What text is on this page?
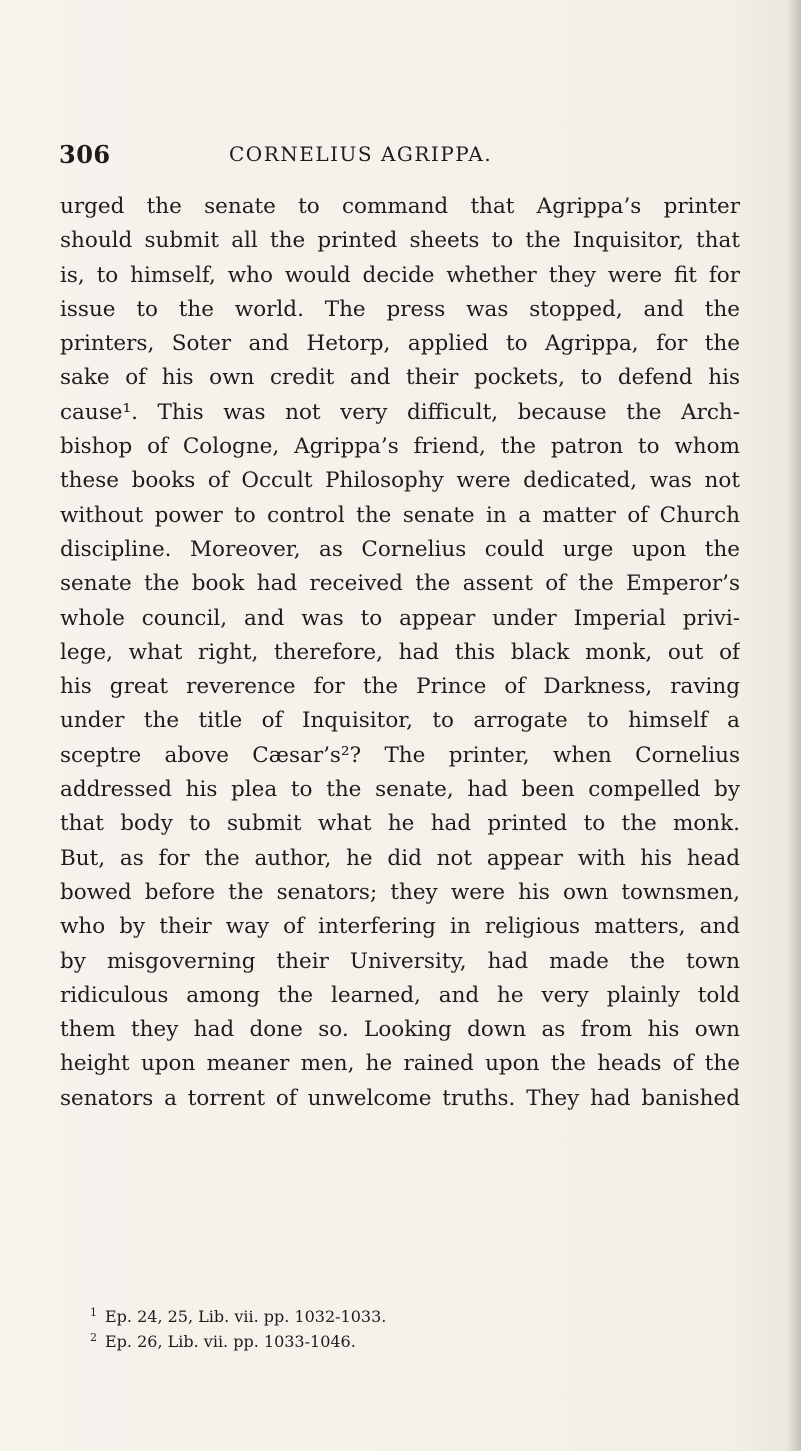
306	CORNELIUS AGRIPPA.
urged the senate to command that Agrippa’s printer
should submit all the printed sheets to the Inquisitor, that
is, to himself, who would decide whether they were fit for
issue to the world. The press was stopped, and the
printers, Soter and Hetorp, applied to Agrippa, for the
sake of his own credit and their pockets, to defend his
cause¹. This was not very difficult, because the Arch-
bishop of Cologne, Agrippa’s friend, the patron to whom
these books of Occult Philosophy were dedicated, was not
without power to control the senate in a matter of Church
discipline. Moreover, as Cornelius could urge upon the
senate the book had received the assent of the Emperor’s
whole council, and was to appear under Imperial privi-
lege, what right, therefore, had this black monk, out of
his great reverence for the Prince of Darkness, raving
under the title of Inquisitor, to arrogate to himself a
sceptre above Cæsar’s²? The printer, when Cornelius
addressed his plea to the senate, had been compelled by
that body to submit what he had printed to the monk.
But, as for the author, he did not appear with his head
bowed before the senators; they were his own townsmen,
who by their way of interfering in religious matters, and
by misgoverning their University, had made the town
ridiculous among the learned, and he very plainly told
them they had done so. Looking down as from his own
height upon meaner men, he rained upon the heads of the
senators a torrent of unwelcome truths. They had banished
$^1$ Ep. 24, 25, Lib. vii. pp. 1032-1033.
$^2$ Ep. 26, Lib. vii. pp. 1033-1046.
